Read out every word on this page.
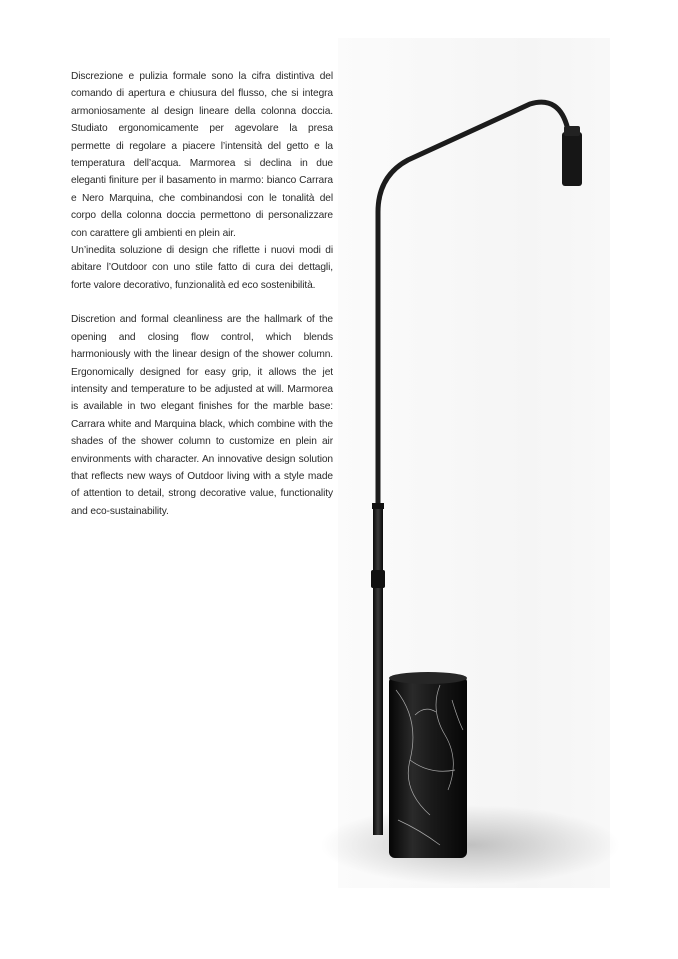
Discrezione e pulizia formale sono la cifra distintiva del comando di apertura e chiusura del flusso, che si integra armoniosamente al design lineare della colonna doccia. Studiato ergonomicamente per agevolare la presa permette di regolare a piacere l’intensità del getto e la temperatura dell’acqua. Marmorea si declina in due eleganti finiture per il basamento in marmo: bianco Carrara e Nero Marquina, che combinandosi con le tonalità del corpo della colonna doccia permettono di personalizzare con carattere gli ambienti en plein air.

Un’inedita soluzione di design che riflette i nuovi modi di abitare l’Outdoor con uno stile fatto di cura dei dettagli, forte valore decorativo, funzionalità ed eco sostenibilità.

Discretion and formal cleanliness are the hallmark of the opening and closing flow control, which blends harmoniously with the linear design of the shower column. Ergonomically designed for easy grip, it allows the jet intensity and temperature to be adjusted at will. Marmorea is available in two elegant finishes for the marble base: Carrara white and Marquina black, which combine with the shades of the shower column to customize en plein air environments with character. An innovative design solution that reflects new ways of Outdoor living with a style made of attention to detail, strong decorative value, functionality and eco-sustainability.
